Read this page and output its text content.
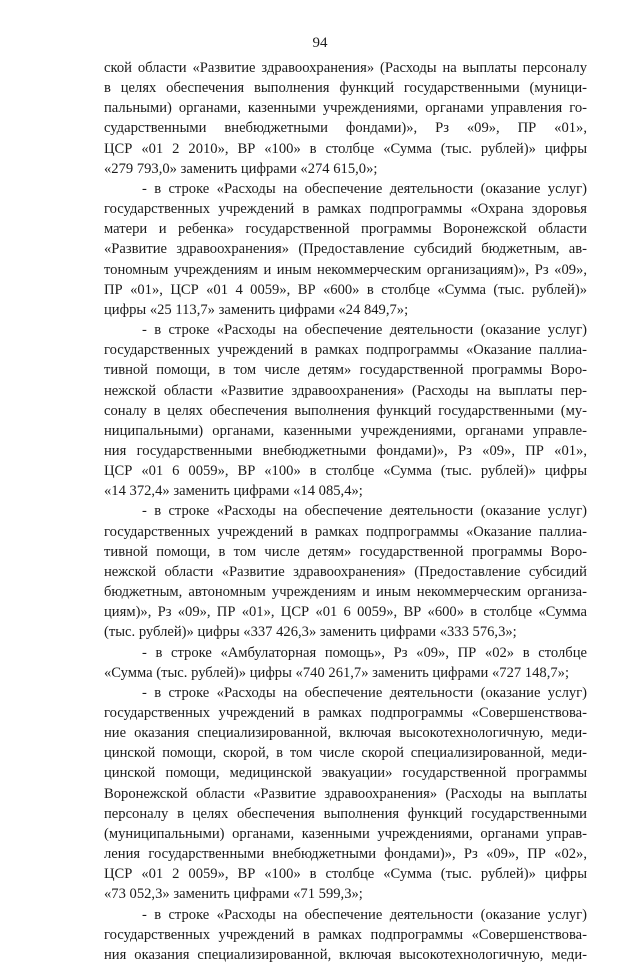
94

ской области «Развитие здравоохранения» (Расходы на выплаты персоналу
в целях обеспечения выполнения функций государственными (муници-
пальными) органами, казенными учреждениями, органами управления го-
сударственными внебюджетными фондами)», Рз «09», ПР «01»,
ЦСР «01 2 2010», ВР «100» в столбце «Сумма (тыс. рублей)» цифры
«279 793,0» заменить цифрами «274 615,0»;

- в строке «Расходы на обеспечение деятельности (оказание услуг)
государственных учреждений в рамках подпрограммы «Охрана здоровья
матери и ребенка» государственной программы Воронежской области
«Развитие здравоохранения» (Предоставление субсидий бюджетным, ав-
тономным учреждениям и иным некоммерческим организациям)», Рз «09»,
ПР «01», ЦСР «01 4 0059», ВР «600» в столбце «Сумма (тыс. рублей)»
цифры «25 113,7» заменить цифрами «24 849,7»;

- в строке «Расходы на обеспечение деятельности (оказание услуг)
государственных учреждений в рамках подпрограммы «Оказание паллиа-
тивной помощи, в том числе детям» государственной программы Воро-
нежской области «Развитие здравоохранения» (Расходы на выплаты пер-
соналу в целях обеспечения выполнения функций государственными (му-
ниципальными) органами, казенными учреждениями, органами управле-
ния государственными внебюджетными фондами)», Рз «09», ПР «01»,
ЦСР «01 6 0059», ВР «100» в столбце «Сумма (тыс. рублей)» цифры
«14 372,4» заменить цифрами «14 085,4»;

- в строке «Расходы на обеспечение деятельности (оказание услуг)
государственных учреждений в рамках подпрограммы «Оказание паллиа-
тивной помощи, в том числе детям» государственной программы Воро-
нежской области «Развитие здравоохранения» (Предоставление субсидий
бюджетным, автономным учреждениям и иным некоммерческим организа-
циям)», Рз «09», ПР «01», ЦСР «01 6 0059», ВР «600» в столбце «Сумма
(тыс. рублей)» цифры «337 426,3» заменить цифрами «333 576,3»;

- в строке «Амбулаторная помощь», Рз «09», ПР «02» в столбце
«Сумма (тыс. рублей)» цифры «740 261,7» заменить цифрами «727 148,7»;

- в строке «Расходы на обеспечение деятельности (оказание услуг)
государственных учреждений в рамках подпрограммы «Совершенствова-
ние оказания специализированной, включая высокотехнологичную, меди-
цинской помощи, скорой, в том числе скорой специализированной, меди-
цинской помощи, медицинской эвакуации» государственной программы
Воронежской области «Развитие здравоохранения» (Расходы на выплаты
персоналу в целях обеспечения выполнения функций государственными
(муниципальными) органами, казенными учреждениями, органами управ-
ления государственными внебюджетными фондами)», Рз «09», ПР «02»,
ЦСР «01 2 0059», ВР «100» в столбце «Сумма (тыс. рублей)» цифры
«73 052,3» заменить цифрами «71 599,3»;

- в строке «Расходы на обеспечение деятельности (оказание услуг)
государственных учреждений в рамках подпрограммы «Совершенствова-
ния оказания специализированной, включая высокотехнологичную, меди-
